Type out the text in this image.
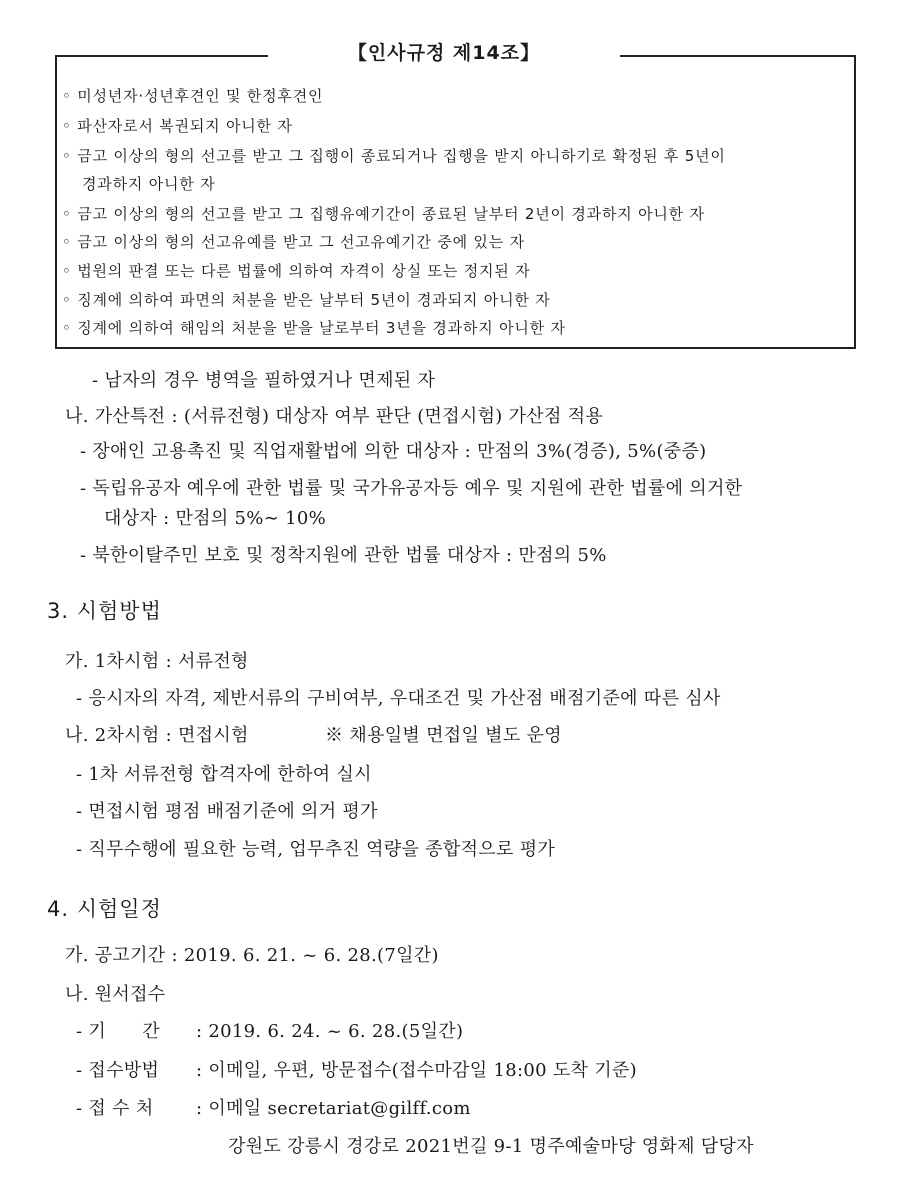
【인사규정 제14조】
◦ 미성년자·성년후견인 및 한정후견인
◦ 파산자로서 복권되지 아니한 자
◦ 금고 이상의 형의 선고를 받고 그 집행이 종료되거나 집행을 받지 아니하기로 확정된 후 5년이
경과하지 아니한 자
◦ 금고 이상의 형의 선고를 받고 그 집행유예기간이 종료된 날부터 2년이 경과하지 아니한 자
◦ 금고 이상의 형의 선고유예를 받고 그 선고유예기간 중에 있는 자
◦ 법원의 판결 또는 다른 법률에 의하여 자격이 상실 또는 정지된 자
◦ 징계에 의하여 파면의 처분을 받은 날부터 5년이 경과되지 아니한 자
◦ 징계에 의하여 해임의 처분을 받을 날로부터 3년을 경과하지 아니한 자
- 남자의 경우 병역을 필하였거나 면제된 자
나. 가산특전 : (서류전형) 대상자 여부 판단 (면접시험) 가산점 적용
- 장애인 고용촉진 및 직업재활법에 의한 대상자 : 만점의 3%(경증), 5%(중증)
- 독립유공자 예우에 관한 법률 및 국가유공자등 예우 및 지원에 관한 법률에 의거한
대상자 : 만점의 5%∼ 10%
- 북한이탈주민 보호 및 정착지원에 관한 법률 대상자 : 만점의 5%
3. 시험방법
가. 1차시험 : 서류전형
- 응시자의 자격, 제반서류의 구비여부, 우대조건 및 가산점 배점기준에 따른 심사
나. 2차시험 : 면접시험	※ 채용일별 면접일 별도 운영
- 1차 서류전형 합격자에 한하여 실시
- 면접시험 평점 배점기준에 의거 평가
- 직무수행에 필요한 능력, 업무추진 역량을 종합적으로 평가
4. 시험일정
가. 공고기간 : 2019. 6. 21. ~ 6. 28.(7일간)
나. 원서접수
- 기      간 : 2019. 6. 24. ~ 6. 28.(5일간)
- 접수방법 : 이메일, 우편, 방문접수(접수마감일 18:00 도착 기준)
- 접 수 처 : 이메일 secretariat@gilff.com
강원도 강릉시 경강로 2021번길 9-1 명주예술마당 영화제 담당자
